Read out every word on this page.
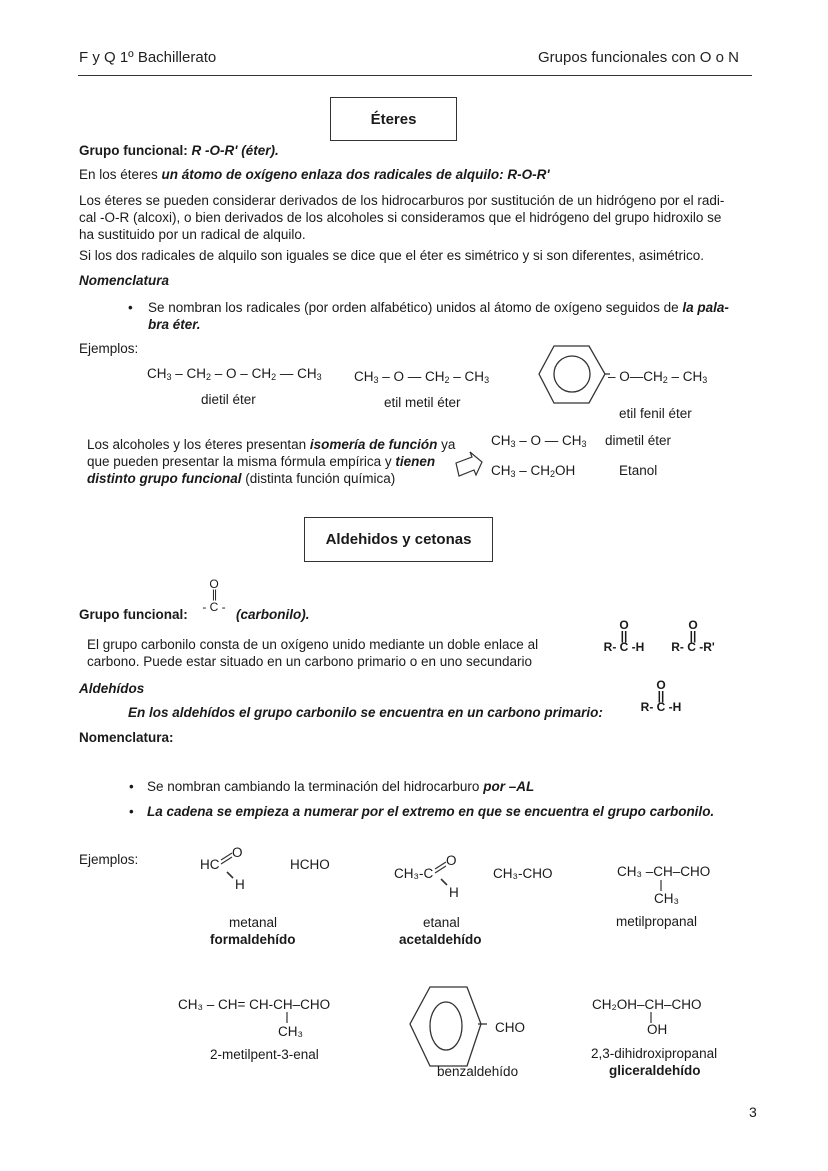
F y Q 1º Bachillerato	Grupos funcionales con O o N
Éteres
Grupo funcional: R -O-R' (éter).
En los éteres un átomo de oxígeno enlaza dos radicales de alquilo: R-O-R'
Los éteres se pueden considerar derivados de los hidrocarburos por sustitución de un hidrógeno por el radi-
cal -O-R (alcoxi), o bien derivados de los alcoholes si consideramos que el hidrógeno del grupo hidroxilo se
ha sustituido por un radical de alquilo.
Si los dos radicales de alquilo son iguales se dice que el éter es simétrico y si son diferentes, asimétrico.
Nomenclatura
• Se nombran los radicales (por orden alfabético) unidos al átomo de oxígeno seguidos de la pala-
bra éter.
Ejemplos:
$CH_3 - CH_2$ – O – $CH_2$ — $CH_3$
dietil éter
$CH_3$ – O — $CH_2 - CH_3$
etil metil éter
– $O—CH_2 - CH_3$
etil fenil éter
Los alcoholes y los éteres presentan isomería de función ya
que pueden presentar la misma fórmula empírica y tienen
distinto grupo funcional (distinta función química)
$CH_3$ – O — $CH_3$ dimetil éter
$CH_3 - CH_2OH$	Etanol
Aldehidos y cetonas
Grupo funcional:
O
||
- C - (carbonilo).
El grupo carbonilo consta de un oxígeno unido mediante un doble enlace al
carbono. Puede estar situado en un carbono primario o en uno secundario
O
||
R- C -H
O
||
R- C -R'
Aldehídos
En los aldehídos el grupo carbonilo se encuentra en un carbono primario:
O
||
R- C -H
Nomenclatura:
• Se nombran cambiando la terminación del hidrocarburo por –AL
• La cadena se empieza a numerar por el extremo en que se encuentra el grupo carbonilo.
Ejemplos:	HC
O
H
HCHO
metanal
formaldehído
CH₃-C
O
H
CH₃-CHO
etanal
acetaldehído
CH₃ –CH–CHO
CH₃
metilpropanal
CH₃ – CH= CH-CH–CHO
CH₃
2-metilpent-3-enal
CHO
benzaldehído
CH₂OH–CH–CHO
OH
2,3-dihidroxipropanal
gliceraldehído
3
